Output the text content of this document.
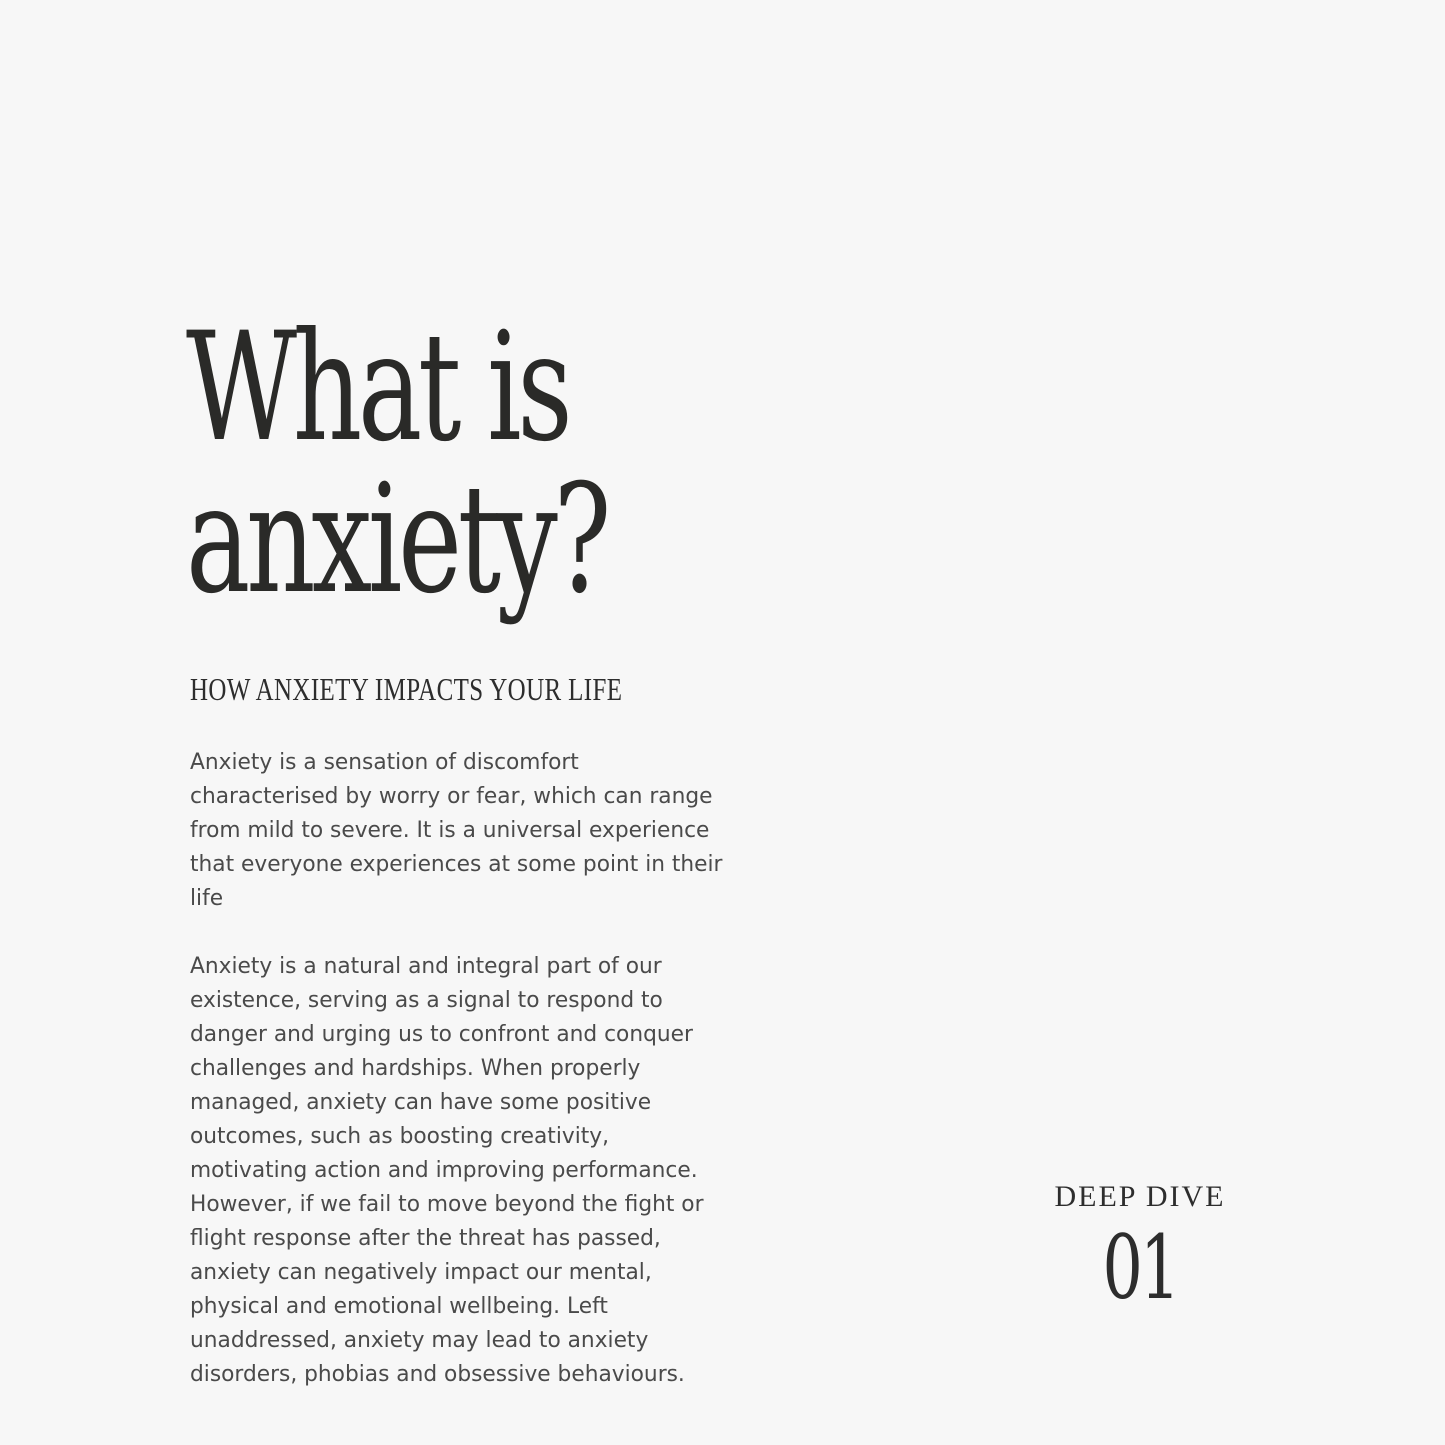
What is
anxiety?
HOW ANXIETY IMPACTS YOUR LIFE

Anxiety is a sensation of discomfort characterised by worry or fear, which can range from mild to severe. It is a universal experience that everyone experiences at some point in their life

Anxiety is a natural and integral part of our existence, serving as a signal to respond to danger and urging us to confront and conquer challenges and hardships. When properly managed, anxiety can have some positive outcomes, such as boosting creativity, motivating action and improving performance. However, if we fail to move beyond the fight or flight response after the threat has passed, anxiety can negatively impact our mental, physical and emotional wellbeing. Left unaddressed, anxiety may lead to anxiety disorders, phobias and obsessive behaviours.

DEEP DIVE
01
